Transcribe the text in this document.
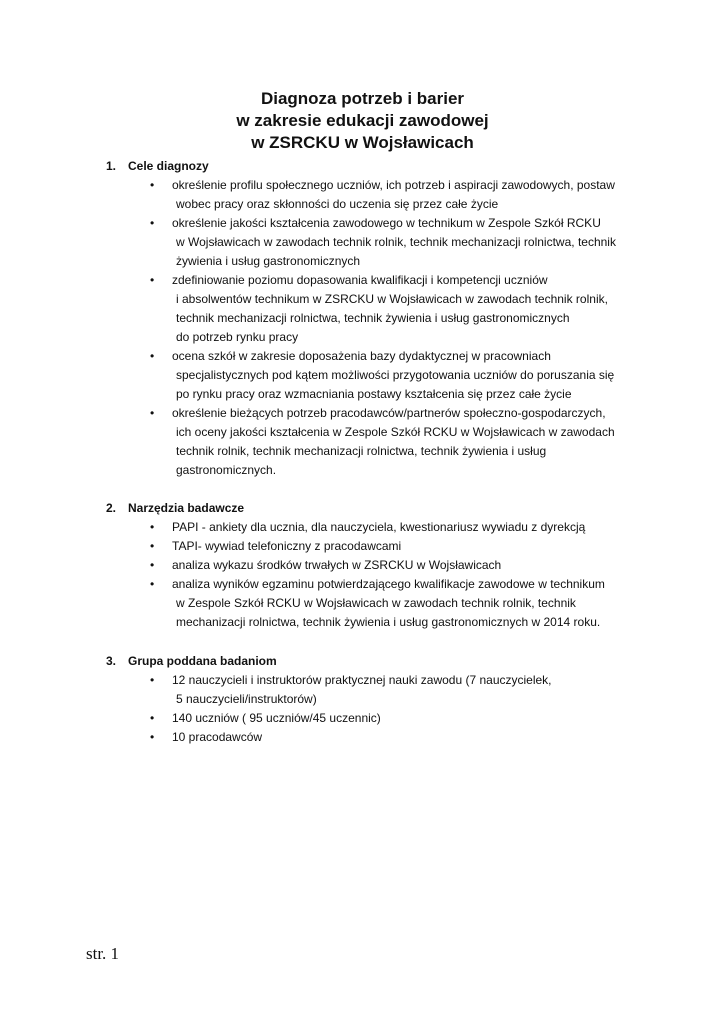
Diagnoza potrzeb i barier
w zakresie edukacji zawodowej
w ZSRCKU w Wojsławicach
1. Cele diagnozy
• określenie profilu społecznego uczniów, ich potrzeb i aspiracji zawodowych, postaw
wobec pracy oraz skłonności do uczenia się przez całe życie
• określenie jakości kształcenia zawodowego w technikum w Zespole Szkół RCKU
w Wojsławicach w zawodach technik rolnik, technik mechanizacji rolnictwa, technik
żywienia i usług gastronomicznych
• zdefiniowanie poziomu dopasowania kwalifikacji i kompetencji uczniów
i absolwentów technikum w ZSRCKU w Wojsławicach w zawodach technik rolnik,
technik mechanizacji rolnictwa, technik żywienia i usług gastronomicznych
do potrzeb rynku pracy
• ocena szkół w zakresie doposażenia bazy dydaktycznej w pracowniach
specjalistycznych pod kątem możliwości przygotowania uczniów do poruszania się
po rynku pracy oraz wzmacniania postawy kształcenia się przez całe życie
• określenie bieżących potrzeb pracodawców/partnerów społeczno-gospodarczych,
ich oceny jakości kształcenia w Zespole Szkół RCKU w Wojsławicach w zawodach
technik rolnik, technik mechanizacji rolnictwa, technik żywienia i usług
gastronomicznych.
2. Narzędzia badawcze
• PAPI - ankiety dla ucznia, dla nauczyciela, kwestionariusz wywiadu z dyrekcją
• TAPI- wywiad telefoniczny z pracodawcami
• analiza wykazu środków trwałych w ZSRCKU w Wojsławicach
• analiza wyników egzaminu potwierdzającego kwalifikacje zawodowe w technikum
w Zespole Szkół RCKU w Wojsławicach w zawodach technik rolnik, technik
mechanizacji rolnictwa, technik żywienia i usług gastronomicznych w 2014 roku.
3. Grupa poddana badaniom
• 12 nauczycieli i instruktorów praktycznej nauki zawodu (7 nauczycielek,
5 nauczycieli/instruktorów)
• 140 uczniów ( 95 uczniów/45 uczennic)
• 10 pracodawców
str. 1
